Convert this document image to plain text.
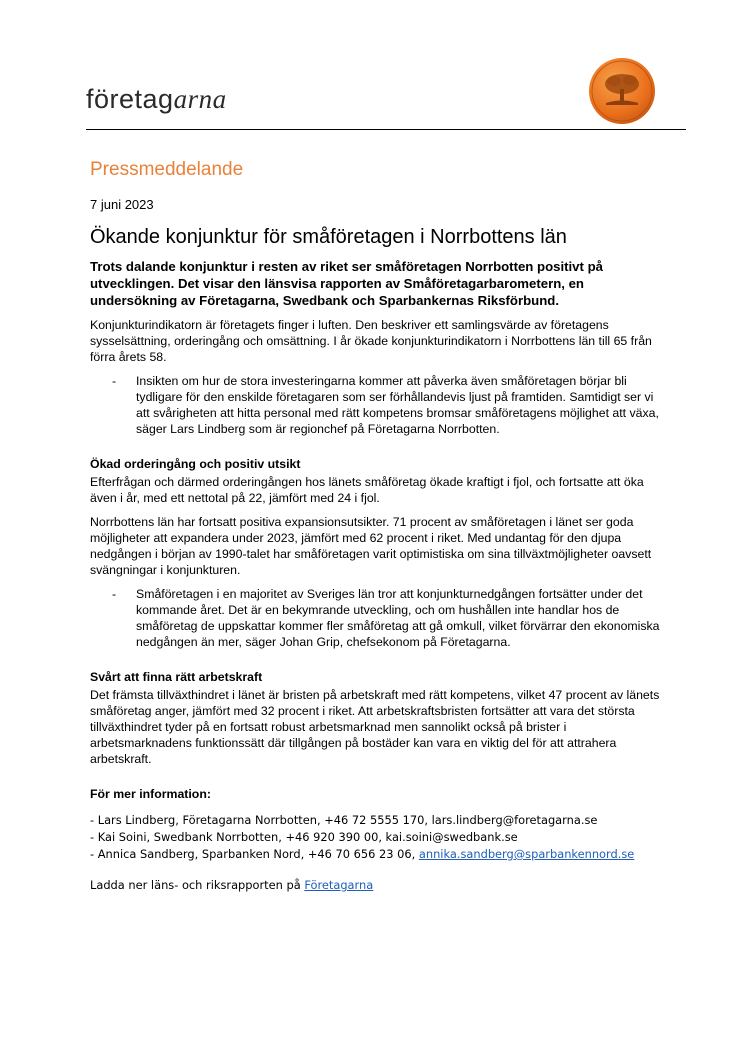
företagarna
Pressmeddelande
7 juni 2023
Ökande konjunktur för småföretagen i Norrbottens län

Trots dalande konjunktur i resten av riket ser småföretagen Norrbotten positivt på utvecklingen. Det visar den länsvisa rapporten av Småföretagarbarometern, en undersökning av Företagarna, Swedbank och Sparbankernas Riksförbund.

Konjunkturindikatorn är företagets finger i luften. Den beskriver ett samlingsvärde av företagens sysselsättning, orderingång och omsättning. I år ökade konjunkturindikatorn i Norrbottens län till 65 från förra årets 58.

-	Insikten om hur de stora investeringarna kommer att påverka även småföretagen börjar bli tydligare för den enskilde företagaren som ser förhållandevis ljust på framtiden. Samtidigt ser vi att svårigheten att hitta personal med rätt kompetens bromsar småföretagens möjlighet att växa, säger Lars Lindberg som är regionchef på Företagarna Norrbotten.
Ökad orderingång och positiv utsikt

Efterfrågan och därmed orderingången hos länets småföretag ökade kraftigt i fjol, och fortsatte att öka även i år, med ett nettotal på 22, jämfört med 24 i fjol.

Norrbottens län har fortsatt positiva expansionsutsikter. 71 procent av småföretagen i länet ser goda möjligheter att expandera under 2023, jämfört med 62 procent i riket. Med undantag för den djupa nedgången i början av 1990-talet har småföretagen varit optimistiska om sina tillväxtmöjligheter oavsett svängningar i konjunkturen.

-	Småföretagen i en majoritet av Sveriges län tror att konjunkturnedgången fortsätter under det kommande året. Det är en bekymrande utveckling, och om hushållen inte handlar hos de småföretag de uppskattar kommer fler småföretag att gå omkull, vilket förvärrar den ekonomiska nedgången än mer, säger Johan Grip, chefsekonom på Företagarna.
Svårt att finna rätt arbetskraft

Det främsta tillväxthindret i länet är bristen på arbetskraft med rätt kompetens, vilket 47 procent av länets småföretag anger, jämfört med 32 procent i riket. Att arbetskraftsbristen fortsätter att vara det största tillväxthindret tyder på en fortsatt robust arbetsmarknad men sannolikt också på brister i arbetsmarknadens funktionssätt där tillgången på bostäder kan vara en viktig del för att attrahera arbetskraft.

För mer information:
- Lars Lindberg, Företagarna Norrbotten, +46 72 5555 170, lars.lindberg@foretagarna.se
- Kai Soini, Swedbank Norrbotten, +46 920 390 00, kai.soini@swedbank.se
- Annica Sandberg, Sparbanken Nord, +46 70 656 23 06, annika.sandberg@sparbankennord.se
Ladda ner läns- och riksrapporten på Företagarna
